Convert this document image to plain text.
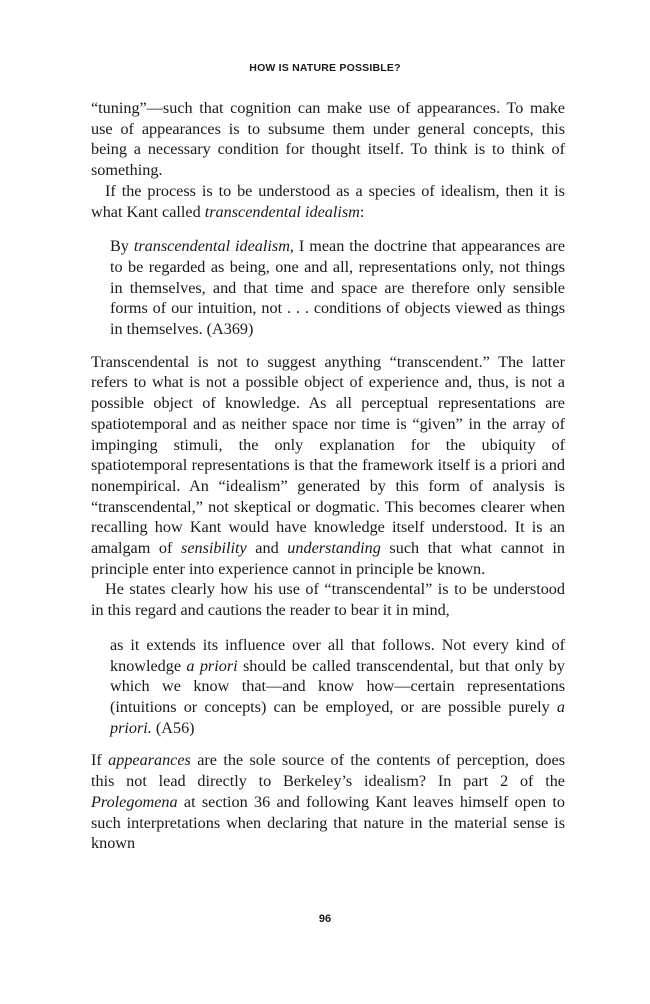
HOW IS NATURE POSSIBLE?

“tuning”—such that cognition can make use of appearances. To make use of appearances is to subsume them under general concepts, this being a necessary condition for thought itself. To think is to think of something.

If the process is to be understood as a species of idealism, then it is what Kant called transcendental idealism:

By transcendental idealism, I mean the doctrine that appearances are to be regarded as being, one and all, representations only, not things in themselves, and that time and space are therefore only sensible forms of our intuition, not . . . conditions of objects viewed as things in themselves. (A369)

Transcendental is not to suggest anything “transcendent.” The latter refers to what is not a possible object of experience and, thus, is not a possible object of knowledge. As all perceptual representations are spatiotemporal and as neither space nor time is “given” in the array of impinging stimuli, the only explanation for the ubiquity of spatiotemporal representations is that the framework itself is a priori and nonempirical. An “idealism” generated by this form of analysis is “transcendental,” not skeptical or dogmatic. This becomes clearer when recalling how Kant would have knowledge itself understood. It is an amalgam of sensibility and understanding such that what cannot in principle enter into experience cannot in principle be known.

He states clearly how his use of “transcendental” is to be understood in this regard and cautions the reader to bear it in mind,

as it extends its influence over all that follows. Not every kind of knowledge a priori should be called transcendental, but that only by which we know that—and know how—certain representations (intuitions or concepts) can be employed, or are possible purely a priori. (A56)

If appearances are the sole source of the contents of perception, does this not lead directly to Berkeley’s idealism? In part 2 of the Prolegomena at section 36 and following Kant leaves himself open to such interpretations when declaring that nature in the material sense is known

96
